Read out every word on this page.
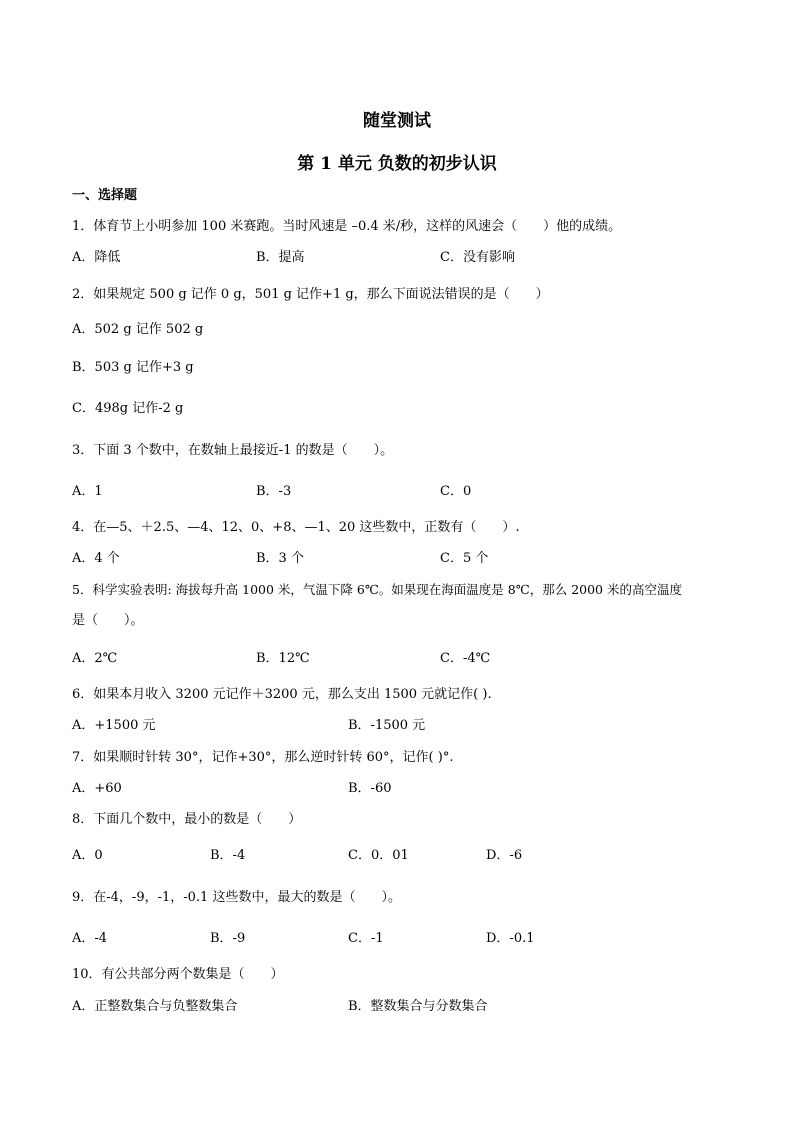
随堂测试
第 1 单元 负数的初步认识
一、选择题
1．体育节上小明参加 100 米赛跑。当时风速是 –0.4 米/秒，这样的风速会（　　）他的成绩。
A．降低	B．提高	C．没有影响
2．如果规定 500 g 记作 0 g，501 g 记作+1 g，那么下面说法错误的是（　　）
A．502 g 记作 502 g
B．503 g 记作+3 g
C．498g 记作-2 g
3．下面 3 个数中，在数轴上最接近-1 的数是（　　）。
A．1	B．-3	C．0
4．在—5、＋2.5、—4、12、0、+8、—1、20 这些数中，正数有（　　）.
A．4 个	B．3 个	C．5 个
5．科学实验表明: 海拔每升高 1000 米，气温下降 6℃。如果现在海面温度是 8℃，那么 2000 米的高空温度
是（　　）。
A．2℃	B．12℃	C．-4℃
6．如果本月收入 3200 元记作＋3200 元，那么支出 1500 元就记作( ).
A．+1500 元	B．-1500 元
7．如果顺时针转 30°，记作+30°，那么逆时针转 60°，记作( )°.
A．+60	B．-60
8．下面几个数中，最小的数是（　　）
A．0	B．-4	C．0．01	D．-6
9．在-4，-9，-1，-0.1 这些数中，最大的数是（　　）。
A．-4	B．-9	C．-1	D．-0.1
10．有公共部分两个数集是（　　）
A．正整数集合与负整数集合	B．整数集合与分数集合
